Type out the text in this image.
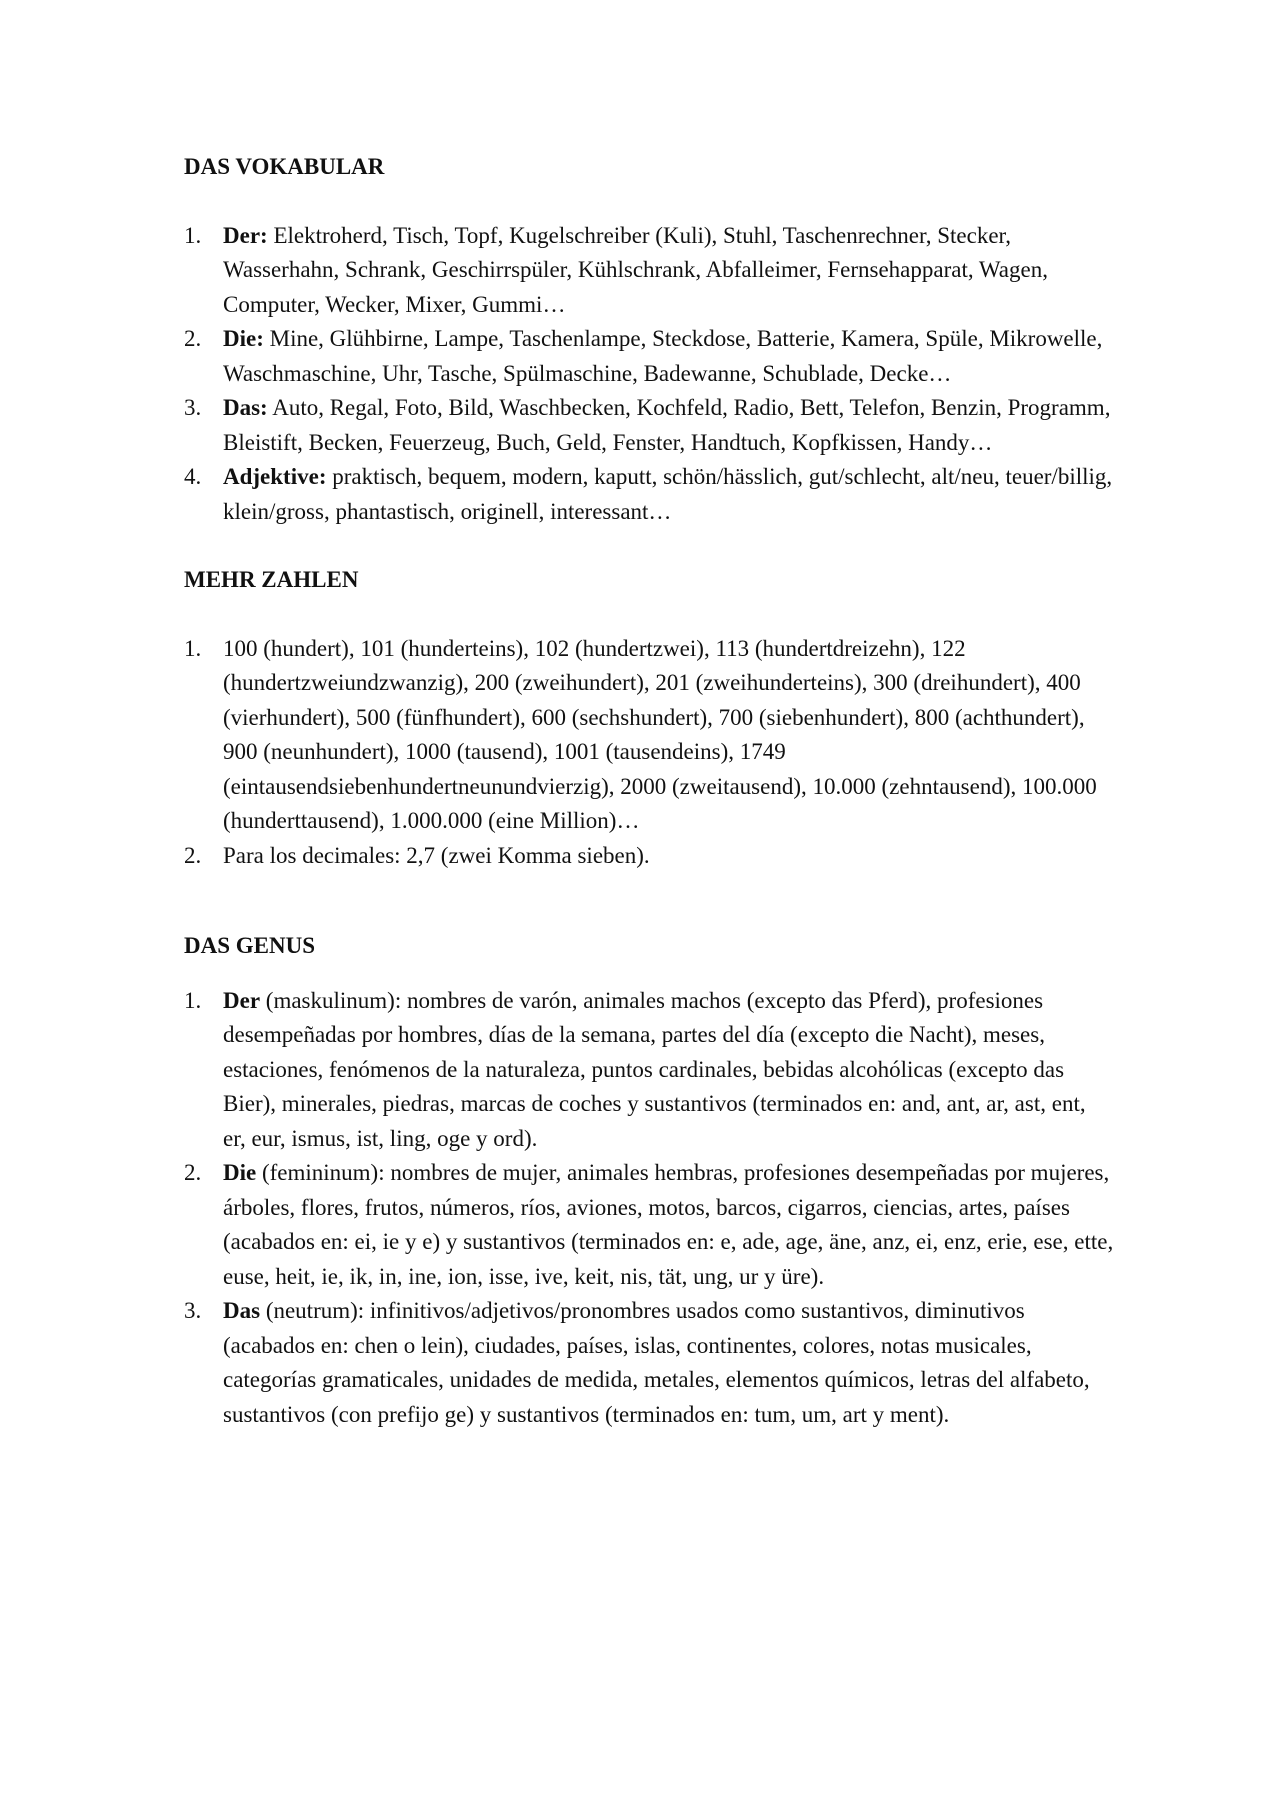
DAS VOKABULAR
1. Der: Elektroherd, Tisch, Topf, Kugelschreiber (Kuli), Stuhl, Taschenrechner, Stecker, Wasserhahn, Schrank, Geschirrspüler, Kühlschrank, Abfalleimer, Fernsehapparat, Wagen, Computer, Wecker, Mixer, Gummi…
2. Die: Mine, Glühbirne, Lampe, Taschenlampe, Steckdose, Batterie, Kamera, Spüle, Mikrowelle, Waschmaschine, Uhr, Tasche, Spülmaschine, Badewanne, Schublade, Decke…
3. Das: Auto, Regal, Foto, Bild, Waschbecken, Kochfeld, Radio, Bett, Telefon, Benzin, Programm, Bleistift, Becken, Feuerzeug, Buch, Geld, Fenster, Handtuch, Kopfkissen, Handy…
4. Adjektive: praktisch, bequem, modern, kaputt, schön/hässlich, gut/schlecht, alt/neu, teuer/billig, klein/gross, phantastisch, originell, interessant…
MEHR ZAHLEN
1. 100 (hundert), 101 (hunderteins), 102 (hundertzwei), 113 (hundertdreizehn), 122 (hundertzweiundzwanzig), 200 (zweihundert), 201 (zweihunderteins), 300 (dreihundert), 400 (vierhundert), 500 (fünfhundert), 600 (sechshundert), 700 (siebenhundert), 800 (achthundert), 900 (neunhundert), 1000 (tausend), 1001 (tausendeins), 1749 (eintausendsiebenhundertneunundvierzig), 2000 (zweitausend), 10.000 (zehntausend), 100.000 (hunderttausend), 1.000.000 (eine Million)…
2. Para los decimales: 2,7 (zwei Komma sieben).
DAS GENUS
1. Der (maskulinum): nombres de varón, animales machos (excepto das Pferd), profesiones desempeñadas por hombres, días de la semana, partes del día (excepto die Nacht), meses, estaciones, fenómenos de la naturaleza, puntos cardinales, bebidas alcohólicas (excepto das Bier), minerales, piedras, marcas de coches y sustantivos (terminados en: and, ant, ar, ast, ent, er, eur, ismus, ist, ling, oge y ord).
2. Die (femininum): nombres de mujer, animales hembras, profesiones desempeñadas por mujeres, árboles, flores, frutos, números, ríos, aviones, motos, barcos, cigarros, ciencias, artes, países (acabados en: ei, ie y e) y sustantivos (terminados en: e, ade, age, äne, anz, ei, enz, erie, ese, ette, euse, heit, ie, ik, in, ine, ion, isse, ive, keit, nis, tät, ung, ur y üre).
3. Das (neutrum): infinitivos/adjetivos/pronombres usados como sustantivos, diminutivos (acabados en: chen o lein), ciudades, países, islas, continentes, colores, notas musicales, categorías gramaticales, unidades de medida, metales, elementos químicos, letras del alfabeto, sustantivos (con prefijo ge) y sustantivos (terminados en: tum, um, art y ment).
